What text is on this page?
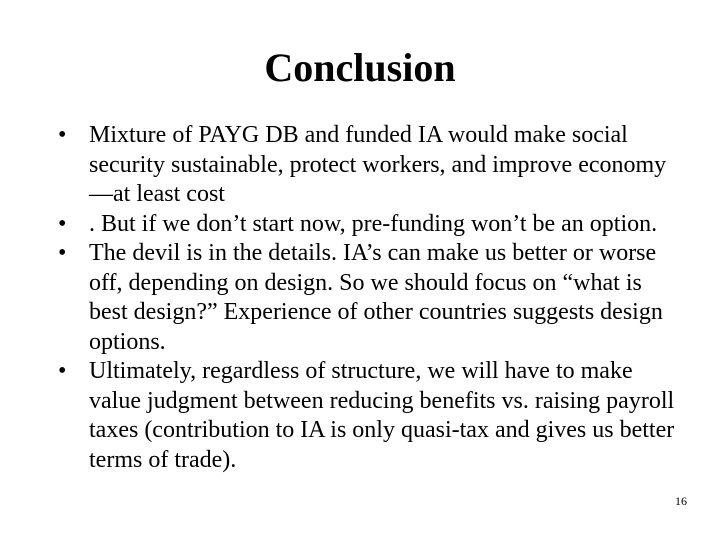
Conclusion
• Mixture of PAYG DB and funded IA would make social security sustainable, protect workers, and improve economy—at least cost
• . But if we don’t start now, pre-funding won’t be an option.
• The devil is in the details. IA’s can make us better or worse off, depending on design. So we should focus on “what is best design?” Experience of other countries suggests design options.
• Ultimately, regardless of structure, we will have to make value judgment between reducing benefits vs. raising payroll taxes (contribution to IA is only quasi-tax and gives us better terms of trade).
16
